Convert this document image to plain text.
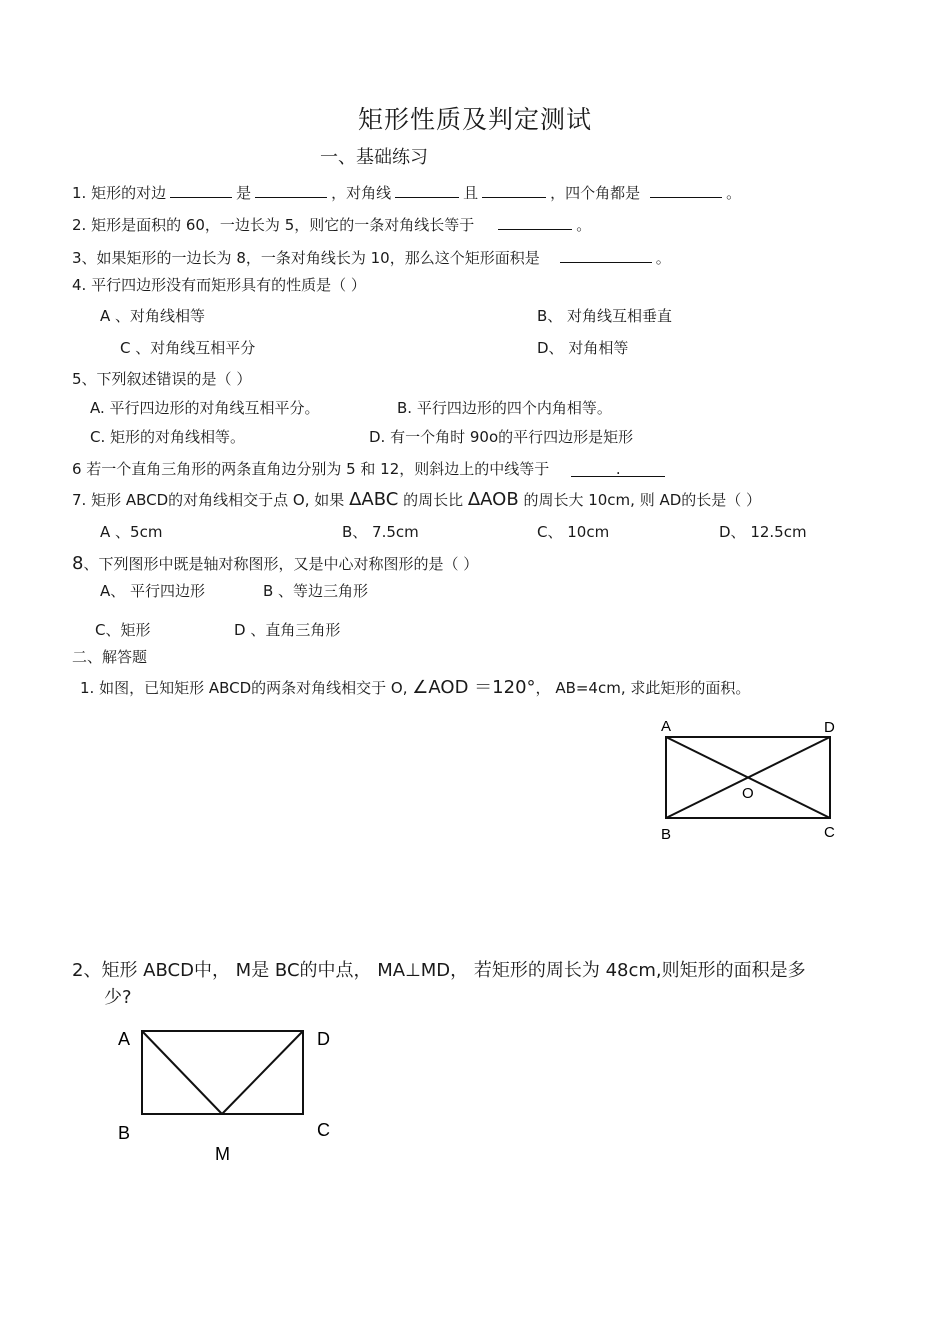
矩形性质及判定测试
一、基础练习
1. 矩形的对边	是	，对角线	且	，四个角都是	。
2. 矩形是面积的 60，一边长为 5，则它的一条对角线长等于	。
3、如果矩形的一边长为 8，一条对角线长为 10，那么这个矩形面积是	。
4. 平行四边形没有而矩形具有的性质是（ ）
A 、对角线相等	B、 对角线互相垂直
C 、对角线互相平分	D、 对角相等
5、下列叙述错误的是（ ）
A. 平行四边形的对角线互相平分。	B. 平行四边形的四个内角相等。
C. 矩形的对角线相等。	D. 有一个角时 90o的平行四边形是矩形
6 若一个直角三角形的两条直角边分别为 5 和 12，则斜边上的中线等于	.
7. 矩形 ABCD的对角线相交于点 O, 如果 ΔABC 的周长比 ΔAOB 的周长大 10cm, 则 AD的长是（ ）
A 、5cm	B、 7.5cm	C、 10cm	D、 12.5cm
8、下列图形中既是轴对称图形，又是中心对称图形的是（ ）
A、 平行四边形	B 、等边三角形
C、矩形	D 、直角三角形
二、解答题
1. 如图，已知矩形 ABCD的两条对角线相交于 O, ∠AOD ＝120°， AB=4cm, 求此矩形的面积。
A	D
O
B	C
2、矩形 ABCD中， M是 BC的中点， MA⊥MD， 若矩形的周长为 48cm,则矩形的面积是多
少?
A	D
B	C
M
